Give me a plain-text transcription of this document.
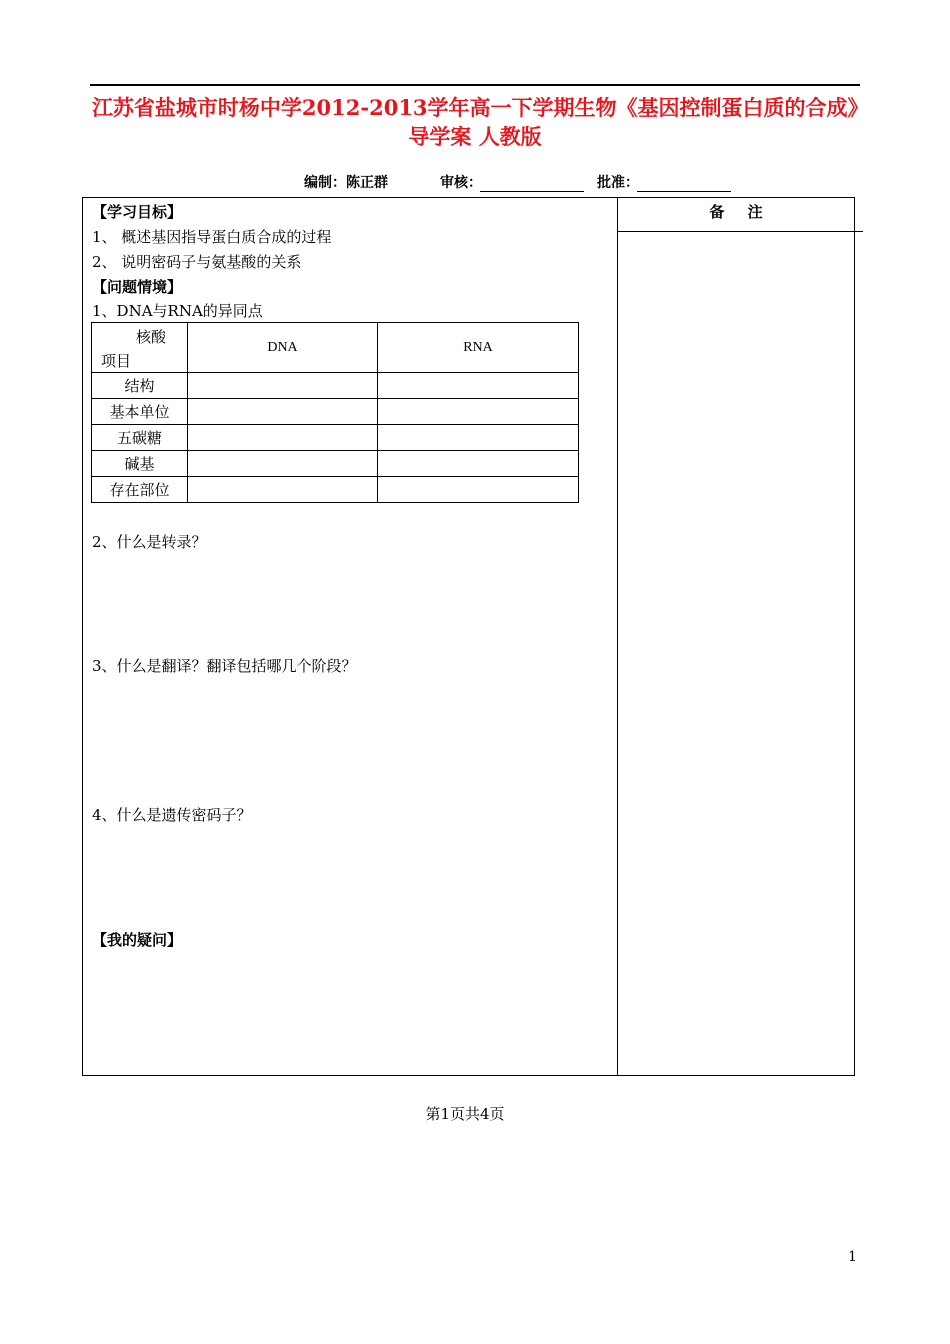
江苏省盐城市时杨中学2012-2013学年高一下学期生物《基因控制蛋白质的合成》导学案 人教版
编制：陈正群	审核：	批准：
备 注
【学习目标】
1、 概述基因指导蛋白质合成的过程
2、 说明密码子与氨基酸的关系
【问题情境】
1、DNA与RNA的异同点
核酸
项目	DNA	RNA
结构		
基本单位		
五碳糖		
碱基		
存在部位		
2、什么是转录？
3、什么是翻译？翻译包括哪几个阶段？
4、什么是遗传密码子？
【我的疑问】
第1页共4页
1
